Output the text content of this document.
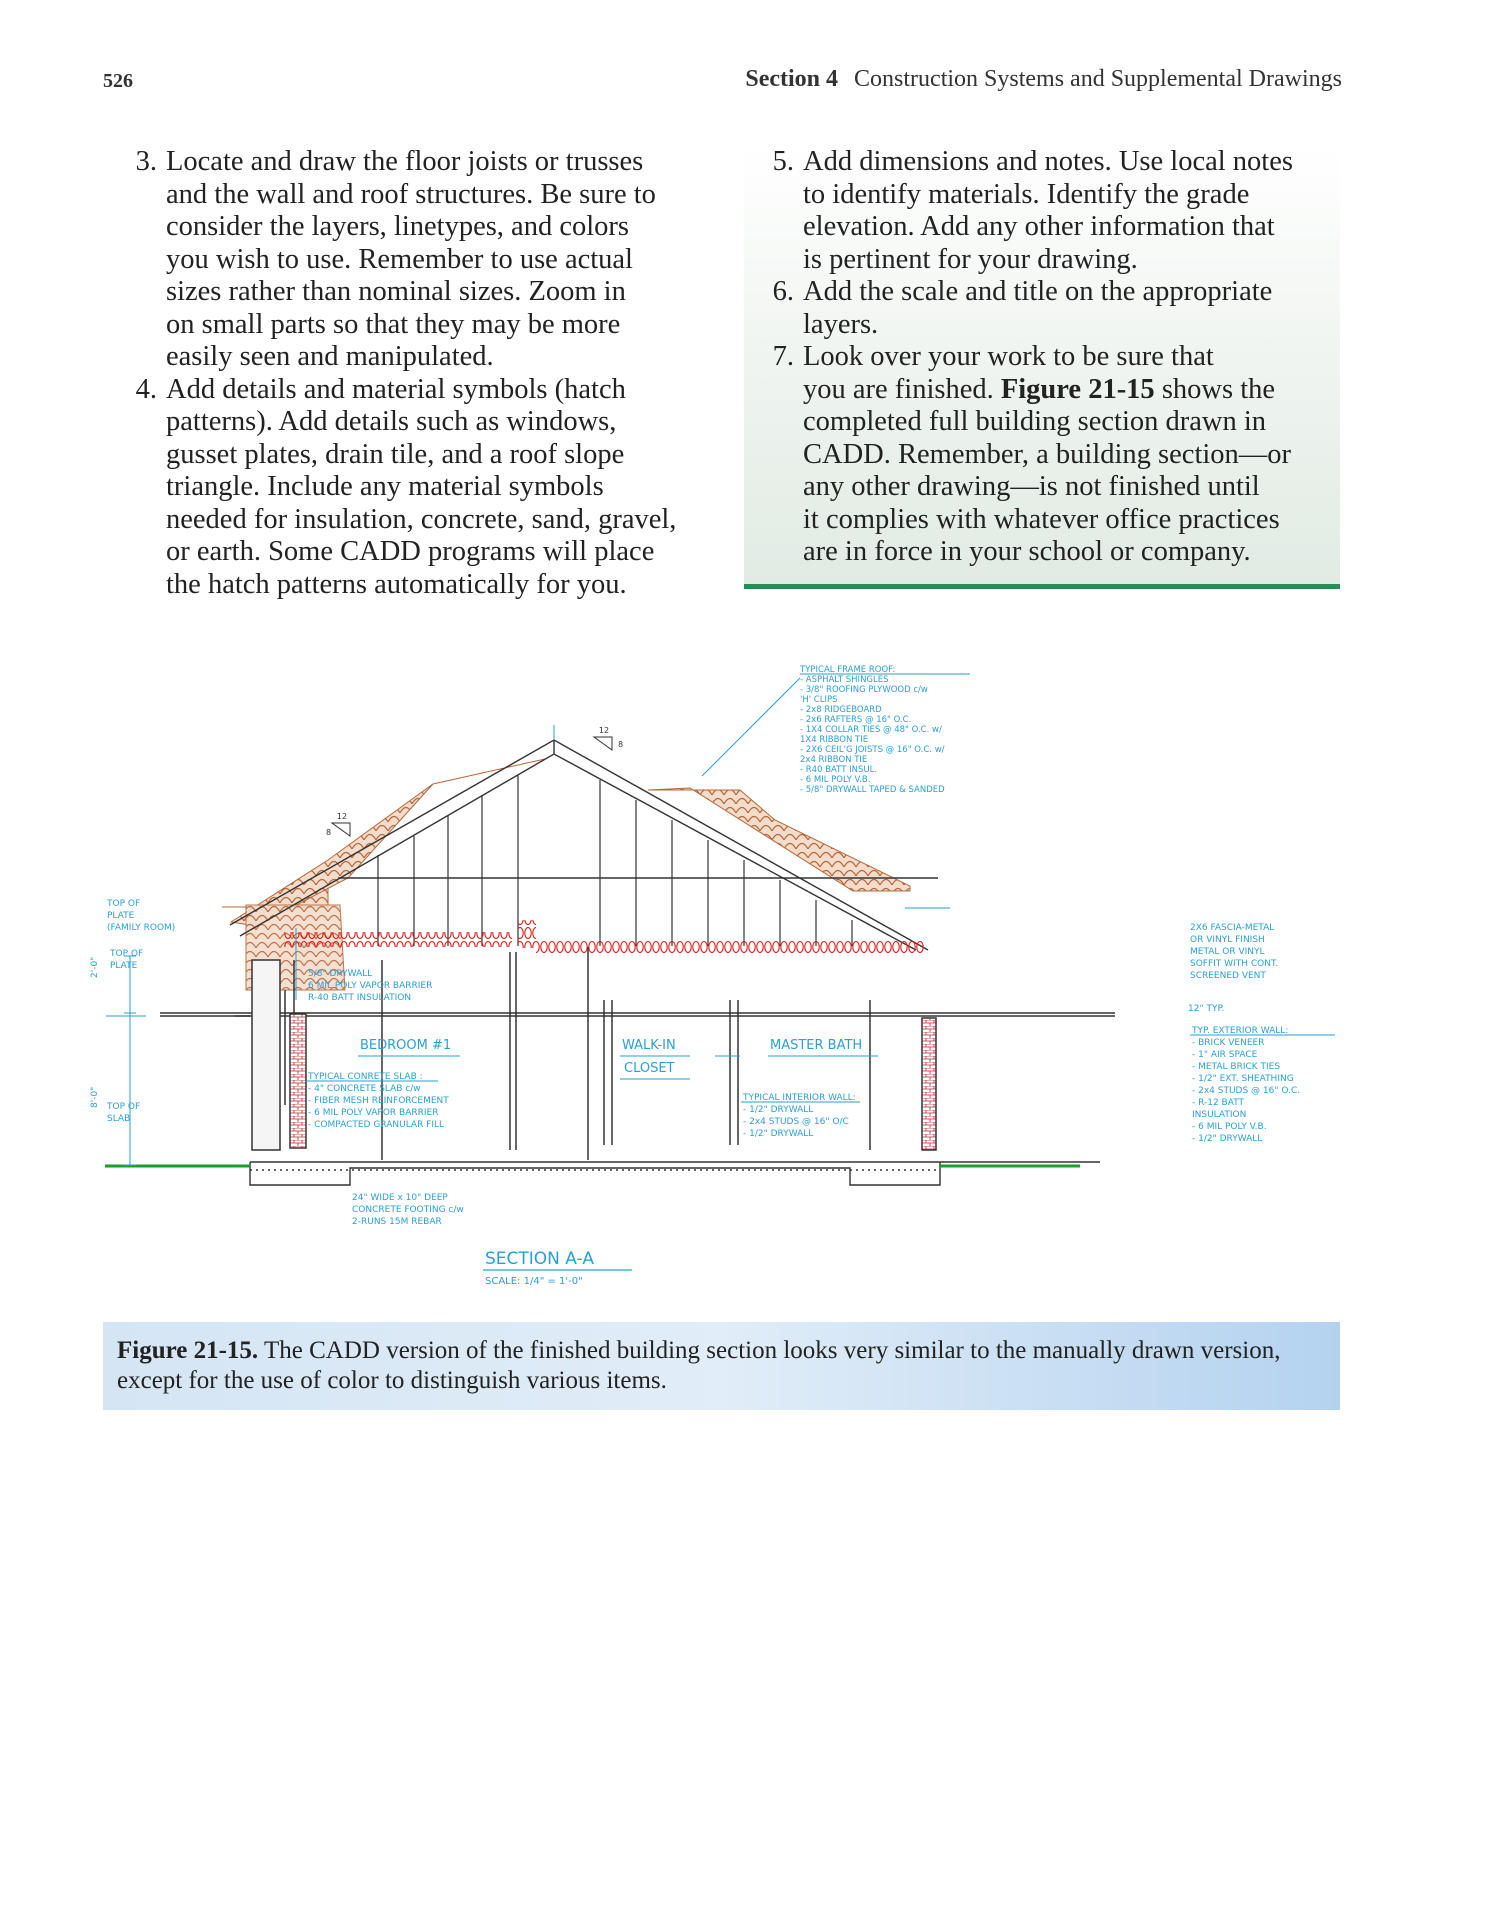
526	Section 4 Construction Systems and Supplemental Drawings
3. Locate and draw the floor joists or trusses
and the wall and roof structures. Be sure to
consider the layers, linetypes, and colors
you wish to use. Remember to use actual
sizes rather than nominal sizes. Zoom in
on small parts so that they may be more
easily seen and manipulated.
4. Add details and material symbols (hatch
patterns). Add details such as windows,
gusset plates, drain tile, and a roof slope
triangle. Include any material symbols
needed for insulation, concrete, sand, gravel,
or earth. Some CADD programs will place
the hatch patterns automatically for you.
5. Add dimensions and notes. Use local notes
to identify materials. Identify the grade
elevation. Add any other information that
is pertinent for your drawing.
6. Add the scale and title on the appropriate
layers.
7. Look over your work to be sure that
you are finished. Figure 21-15 shows the
completed full building section drawn in
CADD. Remember, a building section—or
any other drawing—is not finished until
it complies with whatever office practices
are in force in your school or company.
TYPICAL FRAME ROOF:
- ASPHALT SHINGLES
- 3/8" ROOFING PLYWOOD c/w
'H' CLIPS
- 2x8 RIDGEBOARD
- 2x6 RAFTERS @ 16" O.C.
- 1X4 COLLAR TIES @ 48" O.C. w/
1X4 RIBBON TIE
- 2X6 CEIL'G JOISTS @ 16" O.C. w/
2x4 RIBBON TIE
- R40 BATT INSUL.
- 6 MIL POLY V.B.
- 5/8" DRYWALL TAPED & SANDED
12
8
12
8
TOP OF
PLATE
(FAMILY ROOM)
TOP OF
PLATE
TOP OF
SLAB
2'-0"
8'-0"
5/8" DRYWALL
6 MIL POLY VAPOR BARRIER
R-40 BATT INSULATION
BEDROOM #1	WALK-IN
CLOSET
MASTER BATH
TYPICAL CONRETE SLAB :
- 4" CONCRETE SLAB c/w
- FIBER MESH REINFORCEMENT
- 6 MIL POLY VAPOR BARRIER
- COMPACTED GRANULAR FILL
TYPICAL INTERIOR WALL:
- 1/2" DRYWALL
- 2x4 STUDS @ 16" O/C
- 1/2" DRYWALL
2X6 FASCIA-METAL
OR VINYL FINISH
METAL OR VINYL
SOFFIT WITH CONT.
SCREENED VENT
12" TYP.
TYP. EXTERIOR WALL:
- BRICK VENEER
- 1" AIR SPACE
- METAL BRICK TIES
- 1/2" EXT. SHEATHING
- 2x4 STUDS @ 16" O.C.
- R-12 BATT
INSULATION
- 6 MIL POLY V.B.
- 1/2" DRYWALL
24" WIDE x 10" DEEP
CONCRETE FOOTING c/w
2-RUNS 15M REBAR
SECTION A-A
SCALE: 1/4" = 1'-0"
Figure 21-15. The CADD version of the finished building section looks very similar to the manually drawn version, except for the use of color to distinguish various items.
